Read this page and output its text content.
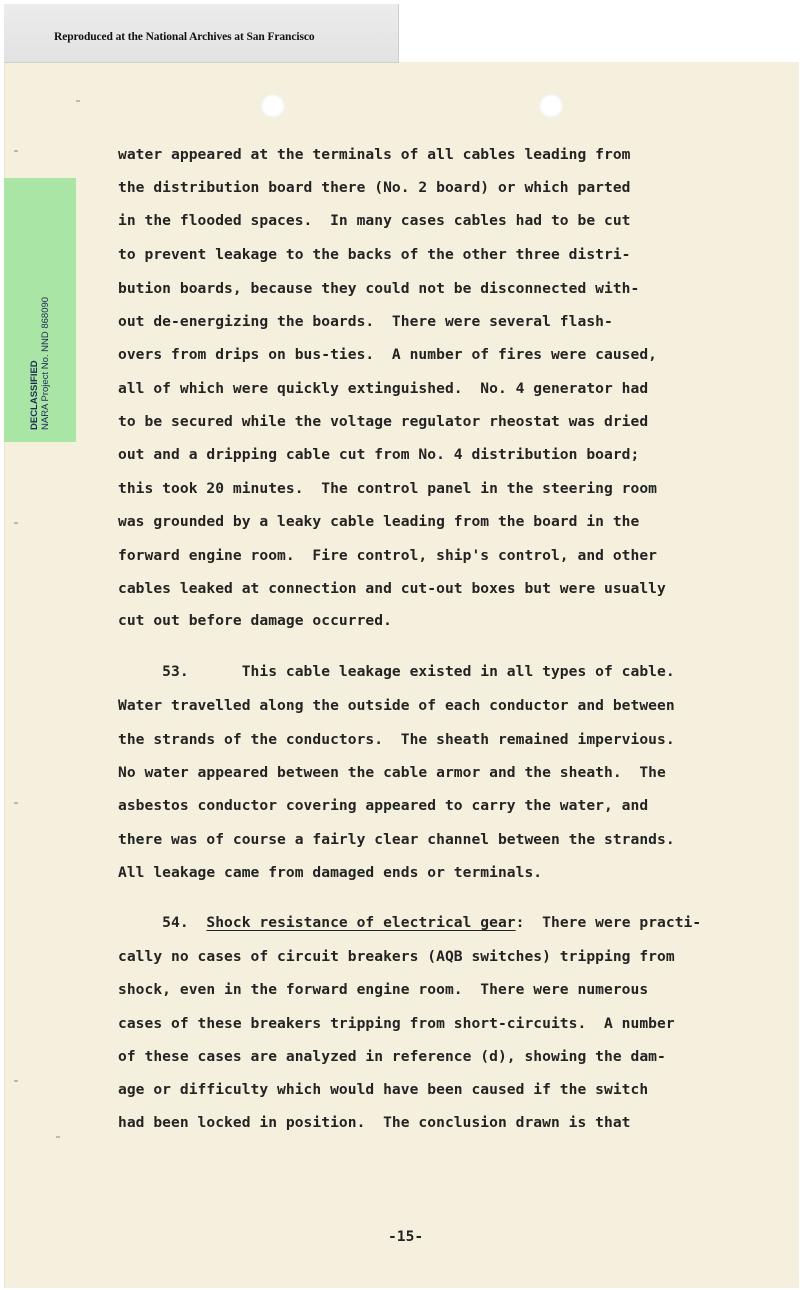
Reproduced at the National Archives at San Francisco
DECLASSIFIED NARA Project No. NND 868090
water appeared at the terminals of all cables leading from
the distribution board there (No. 2 board) or which parted
in the flooded spaces.  In many cases cables had to be cut
to prevent leakage to the backs of the other three distri-
bution boards, because they could not be disconnected with-
out de-energizing the boards.  There were several flash-
overs from drips on bus-ties.  A number of fires were caused,
all of which were quickly extinguished.  No. 4 generator had
to be secured while the voltage regulator rheostat was dried
out and a dripping cable cut from No. 4 distribution board;
this took 20 minutes.  The control panel in the steering room
was grounded by a leaky cable leading from the board in the
forward engine room.  Fire control, ship's control, and other
cables leaked at connection and cut-out boxes but were usually
cut out before damage occurred.
53.      This cable leakage existed in all types of cable.
Water travelled along the outside of each conductor and between
the strands of the conductors.  The sheath remained impervious.
No water appeared between the cable armor and the sheath.  The
asbestos conductor covering appeared to carry the water, and
there was of course a fairly clear channel between the strands.
All leakage came from damaged ends or terminals.
54.  Shock resistance of electrical gear:  There were practi-
cally no cases of circuit breakers (AQB switches) tripping from
shock, even in the forward engine room.  There were numerous
cases of these breakers tripping from short-circuits.  A number
of these cases are analyzed in reference (d), showing the dam-
age or difficulty which would have been caused if the switch
had been locked in position.  The conclusion drawn is that
-15-
